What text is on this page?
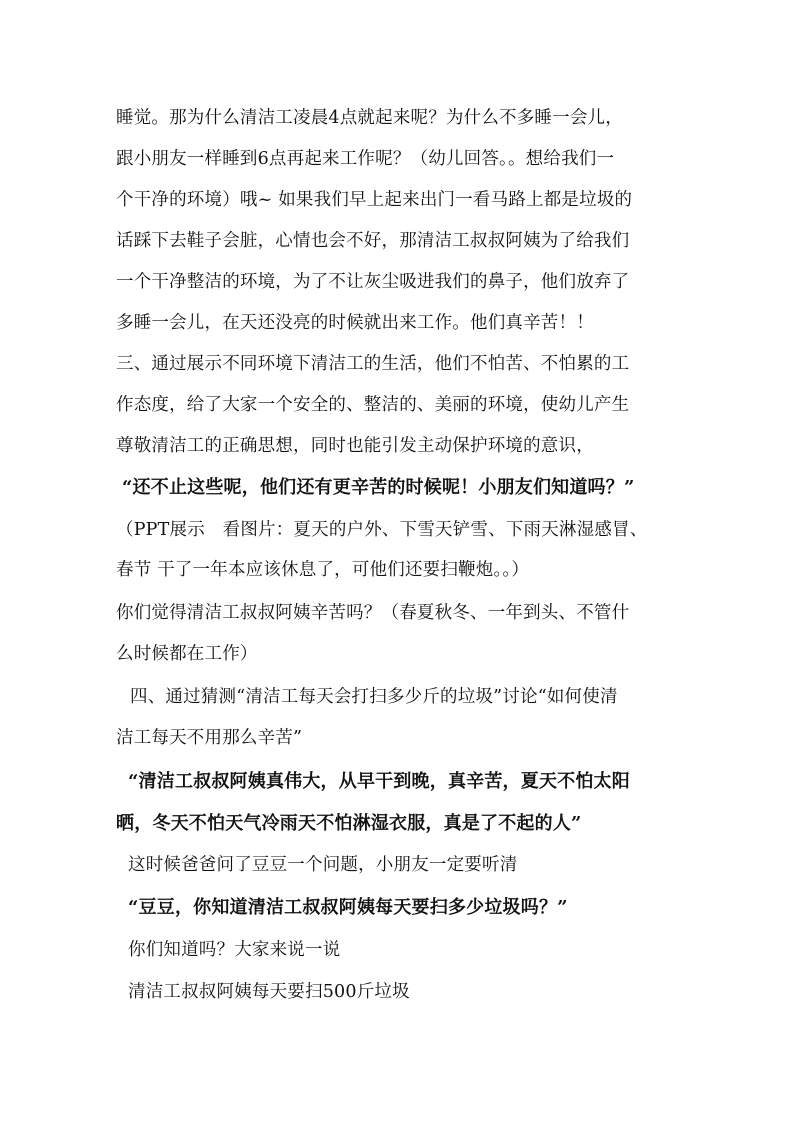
睡觉。那为什么清洁工凌晨4点就起来呢？为什么不多睡一会儿，
跟小朋友一样睡到6点再起来工作呢？（幼儿回答。。想给我们一
个干净的环境）哦~ 如果我们早上起来出门一看马路上都是垃圾的
话踩下去鞋子会脏，心情也会不好，那清洁工叔叔阿姨为了给我们
一个干净整洁的环境，为了不让灰尘吸进我们的鼻子，他们放弃了
多睡一会儿，在天还没亮的时候就出来工作。他们真辛苦！！
三、通过展示不同环境下清洁工的生活，他们不怕苦、不怕累的工
作态度，给了大家一个安全的、整洁的、美丽的环境，使幼儿产生
尊敬清洁工的正确思想，同时也能引发主动保护环境的意识，
“还不止这些呢，他们还有更辛苦的时候呢！小朋友们知道吗？”
（PPT展示　看图片：夏天的户外、下雪天铲雪、下雨天淋湿感冒、
春节 干了一年本应该休息了，可他们还要扫鞭炮。。）
你们觉得清洁工叔叔阿姨辛苦吗？（春夏秋冬、一年到头、不管什
么时候都在工作）
四、通过猜测“清洁工每天会打扫多少斤的垃圾”讨论“如何使清
洁工每天不用那么辛苦”
“清洁工叔叔阿姨真伟大，从早干到晚，真辛苦，夏天不怕太阳
晒，冬天不怕天气冷雨天不怕淋湿衣服，真是了不起的人”
这时候爸爸问了豆豆一个问题，小朋友一定要听清
“豆豆，你知道清洁工叔叔阿姨每天要扫多少垃圾吗？”
你们知道吗？大家来说一说
清洁工叔叔阿姨每天要扫500斤垃圾
